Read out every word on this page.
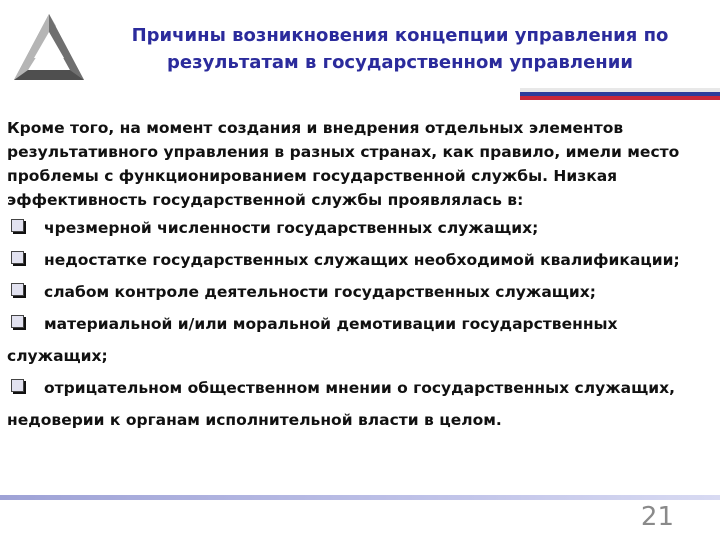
Причины возникновения концепции управления по
результатам в государственном управлении

Кроме того, на момент создания и внедрения отдельных элементов результативного управления в разных странах, как правило, имели место проблемы с функционированием государственной службы. Низкая эффективность государственной службы проявлялась в:

чрезмерной численности государственных служащих;
недостатке государственных служащих необходимой квалификации;
слабом контроле деятельности государственных служащих;
материальной и/или моральной демотивации государственных служащих;
отрицательном общественном мнении о государственных служащих, недоверии к органам исполнительной власти в целом.
21
